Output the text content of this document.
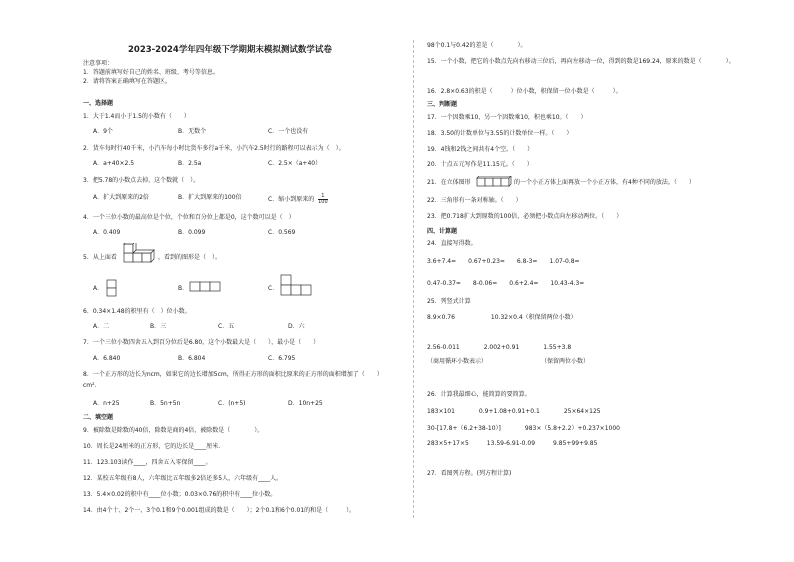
2023-2024学年四年级下学期期末模拟测试数学试卷
注意事项：
1．答题前填写好自己的姓名、班级、考号等信息。
2．请将答案正确填写在答题区。
一、选择题
1．大于1.4而小于1.5的小数有（　　）
A．9个	B．无数个	C．一个也没有
2．货车每时行40千米，小汽车每小时比货车多行a千米，小汽车2.5时行的路程可以表示为（　）。
A．a+40×2.5	B．2.5a	C．2.5×（a+40）
3．把5.78的小数点去掉，这个数就（　）。
A．扩大到原来的2倍	B．扩大到原来的100倍	C．缩小到原来的 $\frac{1}{100}$
4．一个三位小数的最高位是个位，个位和百分位上都是0，这个数可以是（　）
A．0.409	B．0.099	C．0.569
5．从上面看	，看到的图形是（　）。
A．	B．	C．
6．0.34×1.48的积里有（　）位小数。
A．二	B．三	C．五	D．六
7．一个三位小数四舍五入到百分位后是6.80，这个小数最大是（　　），最小是（　　）
A．6.840	B．6.804	C．6.795
8．一个正方形的边长为ncm，如果它的边长增加5cm，所得正方形的面积比原来的正方形的面积增加了（　　）
cm².
A．n+25	B．5n+5n	C．(n+5)	D．10n+25
二、填空题
9．被除数是除数的40倍，除数是商的4倍，被除数是（　　　　）。
10．周长是24厘米的正方形，它的边长是____厘米．
11．123.103读作____，四舍五入零保留____。
12．某校五年级有8人，六年级比五年级多2倍还多5人，六年级有____人。
13．5.4×0.02的积中有____位小数；0.03×0.76的积中有____位小数。
14．由4个十、2个一、3个0.1和9个0.001组成的数是（　　）；2个0.1和6个0.01的和是（　　　）。
98个0.1与0.42的差是（　　　　）。
15．一个小数，把它的小数点先向右移动三位后，再向左移动一位，得到的数是169.24，原来的数是（　　　　）。
16．2.8×0.63的积是（　　　）位小数，积保留一位小数是（　　　）。
三、判断题
17．一个因数乘10，另一个因数乘10，积也乘10。（　　）
18．3.50的计数单位与3.55的计数单位一样。（　　）
19．4钱和2钱之间共有4个空。（　　）
20．十点五元写作是11.15元。（　　）
21．在立体图形	的一个小正方体上面再放一个小正方体，有4种不同的放法。（　　）
22．三角形有一条对称轴。（　　）
23．把0.718扩大到原数的100倍，必须把小数点向左移动两位。（　　）
四、计算题
24．直接写得数。
3.6+7.4=　　0.67+0.23=　　6.8-3=　　1.07-0.8=
0.47-0.37=　　8-0.06=　　0.6+2.4=　　10.43-4.3=
25．列竖式计算
8.9×0.76　　　　　　10.32×0.4（积保留两位小数）
2.56-0.011　　　　2.002+0.91　　　　1.55+3.8
（商用循环小数表示）　　　　　　　　　　（保留两位小数）
26．计算我最细心，能简算的要简算。
183×101　　　　0.9+1.08+0.91+0.1　　　　25×64×125
30-[17.8+（6.2+38-10）]　　　　983×（5.8+2.2）+0.237×1000
283×5+17×5　　　13.59-6.91-0.09　　　9.85+99+9.85
27．看图列方程。(列方程计算)
